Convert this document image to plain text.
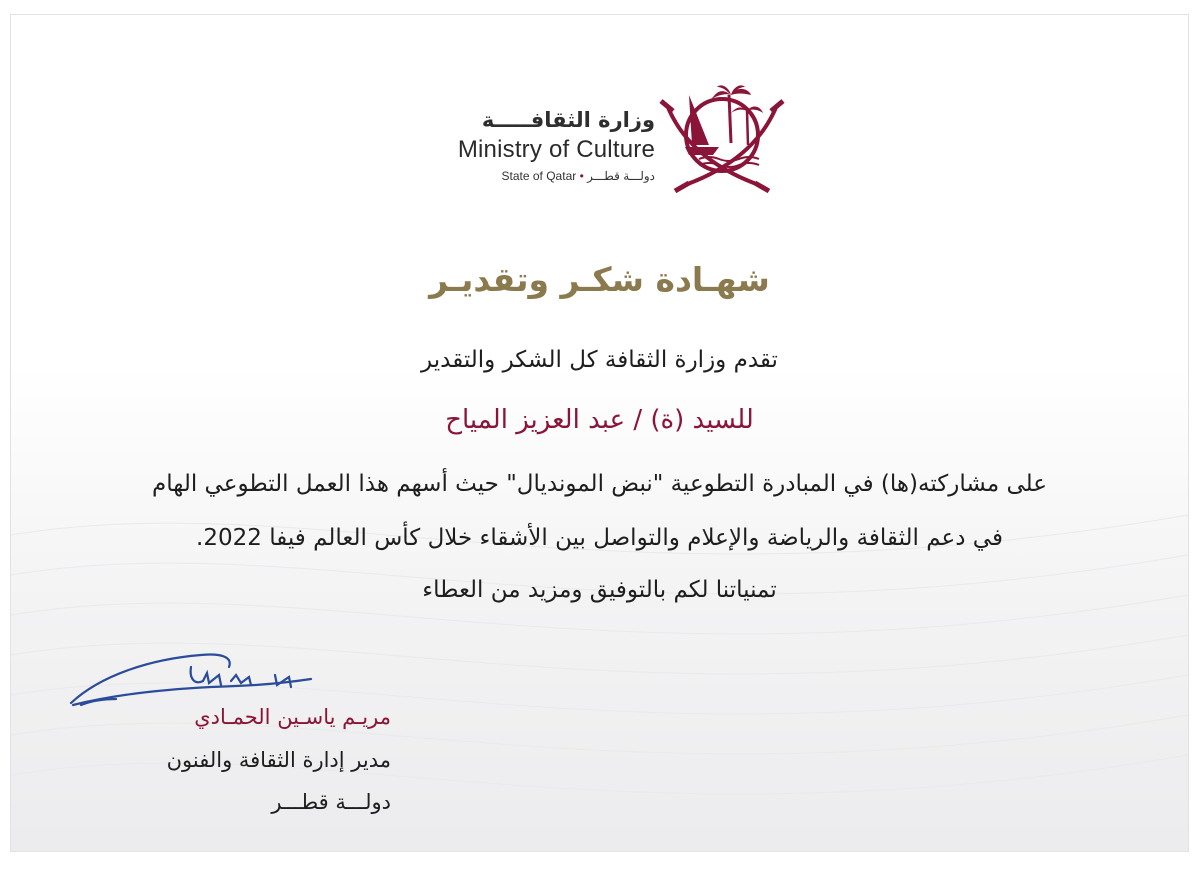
وزارة الثقافـــــة
Ministry of Culture
State of Qatar • دولـــة قطـــر
شهـادة شكـر وتقديـر
تقدم وزارة الثقافة كل الشكر والتقدير
للسيد (ة) / عبد العزيز المياح
على مشاركته(ها) في المبادرة التطوعية "نبض المونديال" حيث أسهم هذا العمل التطوعي الهام
في دعم الثقافة والرياضة والإعلام والتواصل بين الأشقاء خلال كأس العالم فيفا 2022.
تمنياتنا لكم بالتوفيق ومزيد من العطاء
مريـم ياسـين الحمـادي
مدير إدارة الثقافة والفنون
دولـــة قطـــر
